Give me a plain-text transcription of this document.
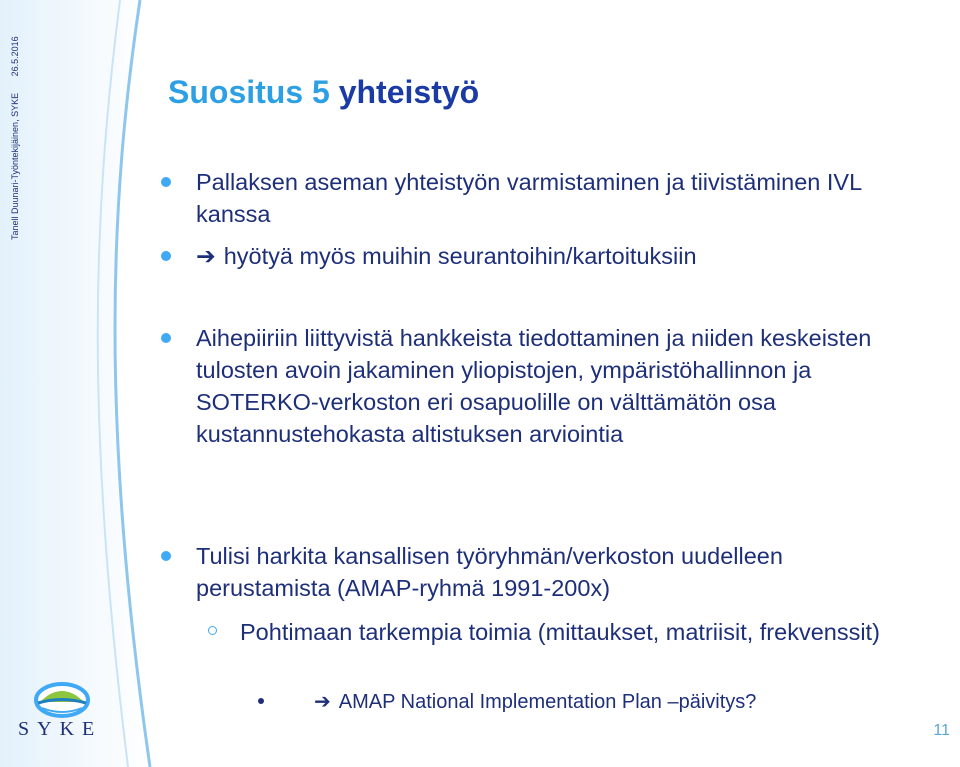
Tanell Duunari-Työntekijäinen, SYKE 26.5.2016
Suositus 5 yhteistyö
Pallaksen aseman yhteistyön varmistaminen ja tiivistäminen IVL kanssa
➔ hyötyä myös muihin seurantoihin/kartoituksiin
Aihepiiriin liittyvistä hankkeista tiedottaminen ja niiden keskeisten tulosten avoin jakaminen yliopistojen, ympäristöhallinnon ja SOTERKO-verkoston eri osapuolille on välttämätön osa kustannustehokasta altistuksen arviointia
Tulisi harkita kansallisen työryhmän/verkoston uudelleen perustamista (AMAP-ryhmä 1991-200x)
Pohtimaan tarkempia toimia (mittaukset, matriisit, frekvenssit)
➔ AMAP National Implementation Plan –päivitys?
SYKE	11
